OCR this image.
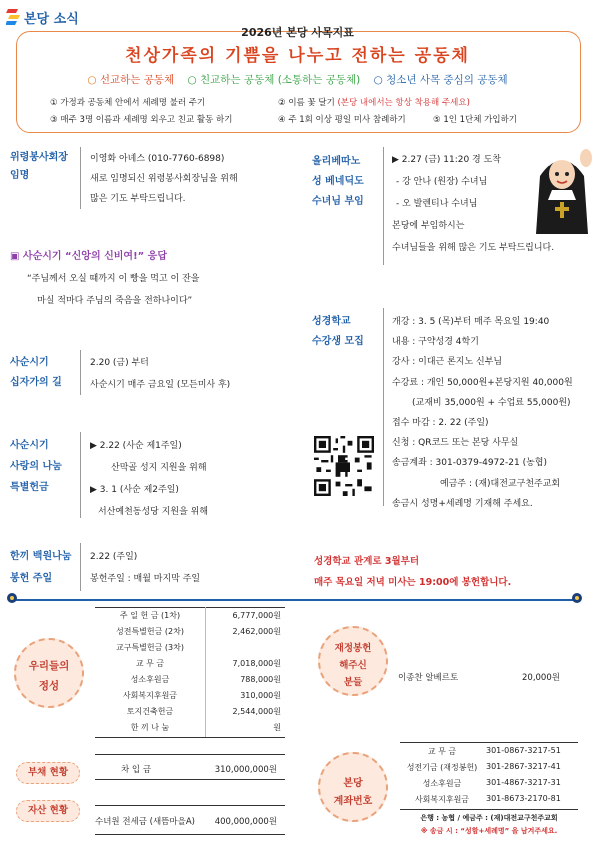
본당 소식
2026년 본당 사목지표
천상가족의 기쁨을 나누고 전하는 공동체
○ 선교하는 공동체 ○ 친교하는 공동체 (소통하는 공동체) ○ 청소년 사목 중심의 공동체
① 가정과 공동체 안에서 세례명 불러 주기	② 이름 꽃 달기 (본당 내에서는 항상 착용해 주세요)
③ 매주 3명 이름과 세례명 외우고 친교 활동 하기	④ 주 1회 이상 평일 미사 참례하기	⑤ 1인 1단체 가입하기
위령봉사회장
임명
이영화 아녜스 (010-7760-6898)
새로 임명되신 위령봉사회장님을 위해
많은 기도 부탁드립니다.
올리베따노
성 베네딕도
수녀님 부임
▶ 2.27 (금) 11:20 경 도착
- 강 안나 (원장) 수녀님
- 오 발렌티나 수녀님
본당에 부임하시는
수녀님들을 위해 많은 기도 부탁드립니다.
▣ 사순시기 “신앙의 신비여!” 응답
“주님께서 오실 때까지 이 빵을 먹고 이 잔을
마실 적마다 주님의 죽음을 전하나이다”
성경학교
수강생 모집
개강 : 3. 5 (목)부터 매주 목요일 19:40
내용 : 구약성경 4학기
강사 : 이대근 론지노 신부님
수강료 : 개인 50,000원+본당지원 40,000원
(교재비 35,000원 + 수업료 55,000원)
접수 마감 : 2. 22 (주일)
신청 : QR코드 또는 본당 사무실
송금계좌 : 301-0379-4972-21 (농협)
예금주 : (재)대전교구천주교회
송금시 성명+세례명 기재해 주세요.
사순시기
십자가의 길
2.20 (금) 부터
사순시기 매주 금요일 (모든미사 후)
사순시기
사랑의 나눔
특별헌금
▶ 2.22 (사순 제1주일)
산막골 성지 지원을 위해
▶ 3. 1 (사순 제2주일)
서산예천동성당 지원을 위해
한끼 백원나눔
봉헌 주일
2.22 (주일)
봉헌주일 : 매월 마지막 주일
성경학교 관계로 3월부터
매주 목요일 저녁 미사는 19:00에 봉헌합니다.
우리들의
정성
주 일 헌 금 (1차)	6,777,000원
성전특별헌금 (2차)	2,462,000원
교구특별헌금 (3차)
교 무 금	7,018,000원
성소후원금	788,000원
사회복지후원금	310,000원
토지건축헌금	2,544,000원
한 끼 나 눔	원
재정봉헌
해주신
분들	이종찬 알베르토	20,000원
부채 현황	차 입 금	310,000,000원
자산 현황
수녀원 전세금 (새뜸마을A) 400,000,000원
본당
계좌번호
교 무 금	301-0867-3217-51
성전기금 (재정봉헌)	301-2867-3217-41
성소후원금	301-4867-3217-31
사회복지후원금	301-8673-2170-81
은행 : 농협 / 예금주 : (재)대전교구천주교회
※ 송금 시 : “성함+세례명” 을 남겨주세요.
